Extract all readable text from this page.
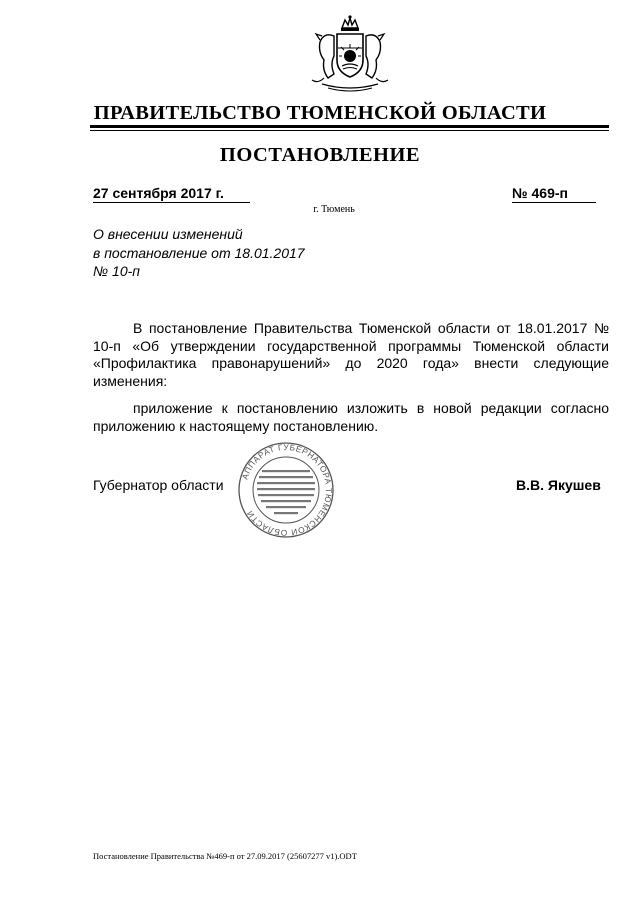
ПРАВИТЕЛЬСТВО ТЮМЕНСКОЙ ОБЛАСТИ
ПОСТАНОВЛЕНИЕ
27 сентября 2017 г.	№ 469-п
г. Тюмень
О внесении изменений
в постановление от 18.01.2017
№ 10-п

В постановление Правительства Тюменской области от 18.01.2017 № 10-п «Об утверждении государственной программы Тюменской области «Профилактика правонарушений» до 2020 года» внести следующие изменения:

приложение к постановлению изложить в новой редакции согласно приложению к настоящему постановлению.

Губернатор области
АППАРАТ ГУБЕРНАТОРА ТЮМЕНСКОЙ ОБЛАСТИ
В.В. Якушев
Постановление Правительства №469-п от 27.09.2017 (25607277 v1).ODT
